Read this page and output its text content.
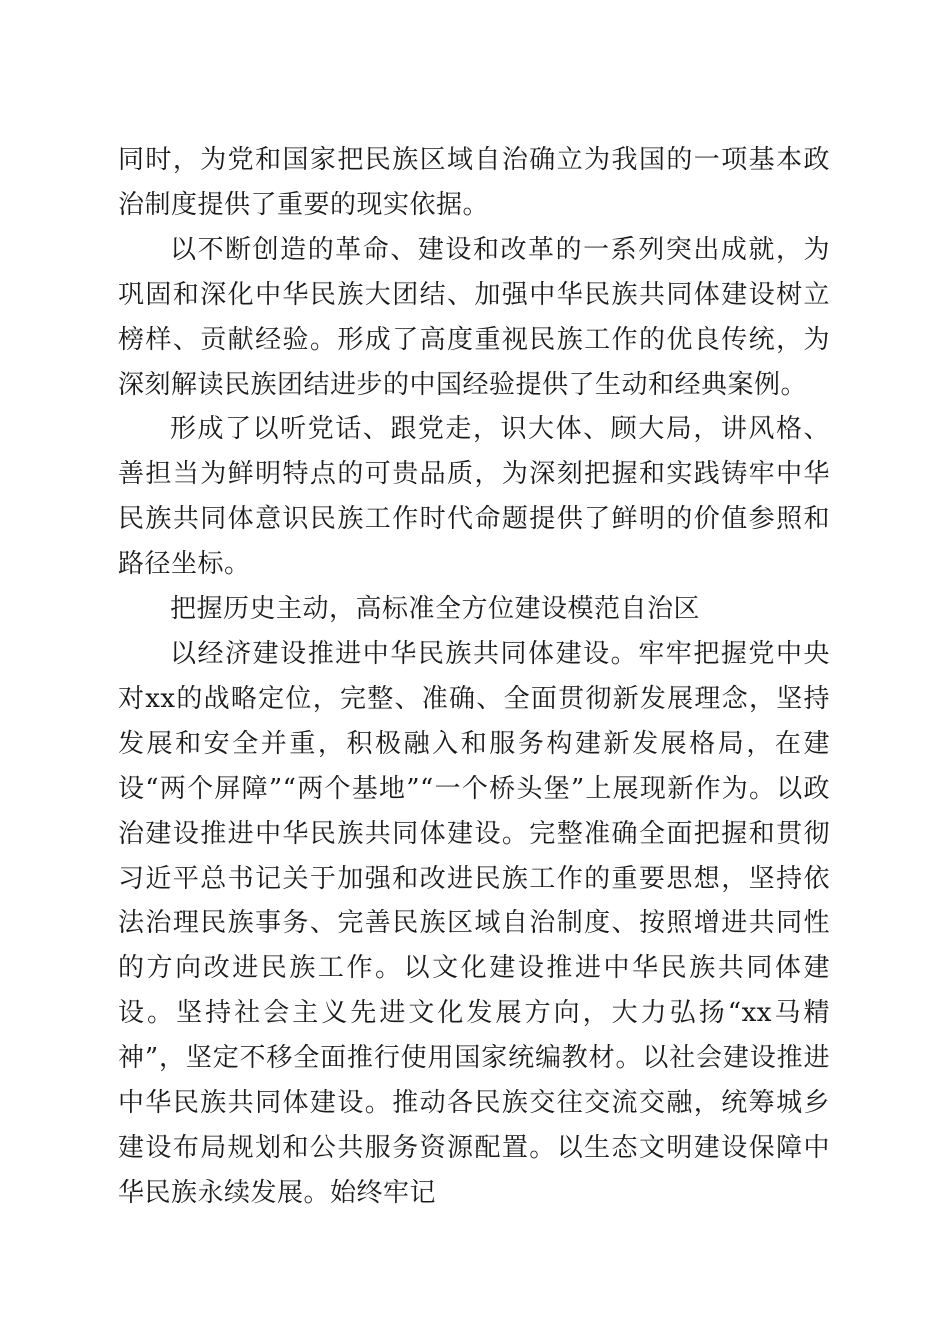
同时，为党和国家把民族区域自治确立为我国的一项基本政治制度提供了重要的现实依据。

以不断创造的革命、建设和改革的一系列突出成就，为巩固和深化中华民族大团结、加强中华民族共同体建设树立榜样、贡献经验。形成了高度重视民族工作的优良传统，为深刻解读民族团结进步的中国经验提供了生动和经典案例。

形成了以听党话、跟党走，识大体、顾大局，讲风格、善担当为鲜明特点的可贵品质，为深刻把握和实践铸牢中华民族共同体意识民族工作时代命题提供了鲜明的价值参照和路径坐标。

把握历史主动，高标准全方位建设模范自治区

以经济建设推进中华民族共同体建设。牢牢把握党中央对xx的战略定位，完整、准确、全面贯彻新发展理念，坚持发展和安全并重，积极融入和服务构建新发展格局，在建设“两个屏障”“两个基地”“一个桥头堡”上展现新作为。以政治建设推进中华民族共同体建设。完整准确全面把握和贯彻习近平总书记关于加强和改进民族工作的重要思想，坚持依法治理民族事务、完善民族区域自治制度、按照增进共同性的方向改进民族工作。以文化建设推进中华民族共同体建设。坚持社会主义先进文化发展方向，大力弘扬“xx马精神”，坚定不移全面推行使用国家统编教材。以社会建设推进中华民族共同体建设。推动各民族交往交流交融，统筹城乡建设布局规划和公共服务资源配置。以生态文明建设保障中华民族永续发展。始终牢记
